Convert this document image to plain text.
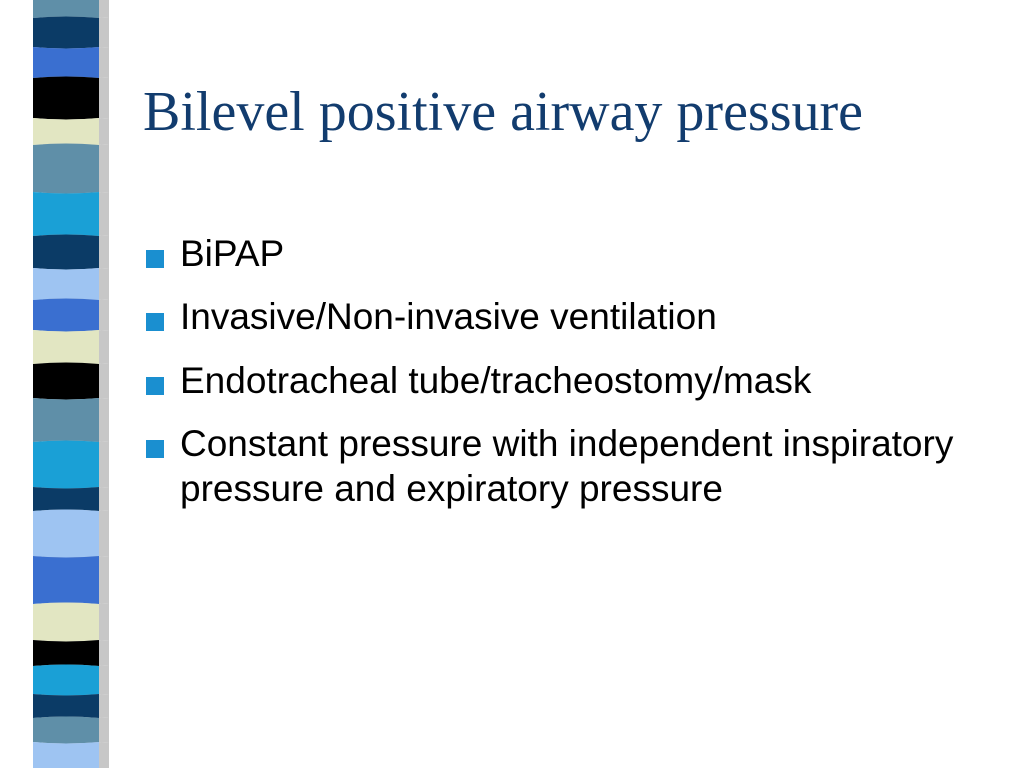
Bilevel positive airway pressure
BiPAP
Invasive/Non-invasive ventilation
Endotracheal tube/tracheostomy/mask
Constant pressure with independent inspiratory pressure and expiratory pressure
